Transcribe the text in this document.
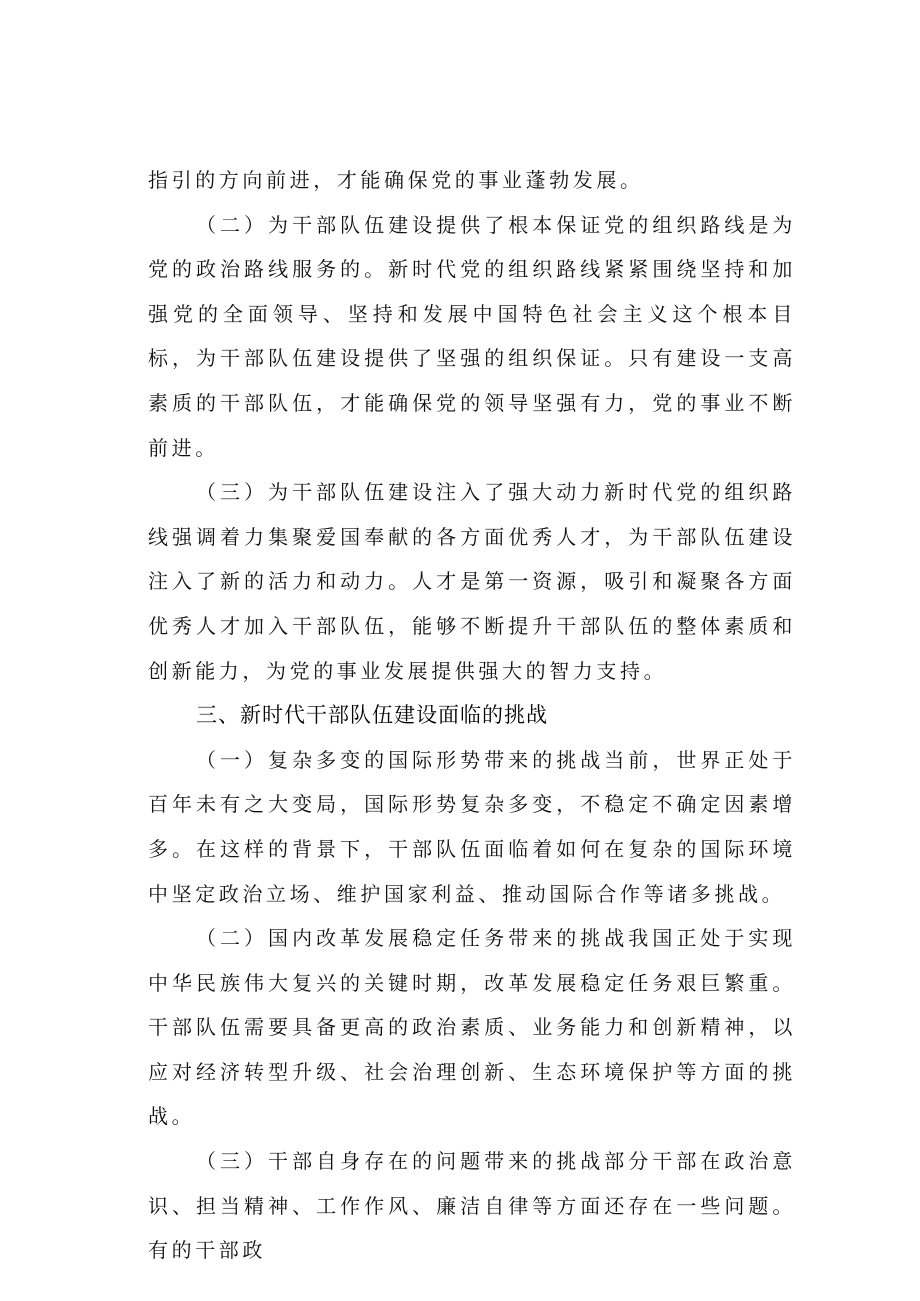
指引的方向前进，才能确保党的事业蓬勃发展。

（二）为干部队伍建设提供了根本保证党的组织路线是为党的政治路线服务的。新时代党的组织路线紧紧围绕坚持和加强党的全面领导、坚持和发展中国特色社会主义这个根本目标，为干部队伍建设提供了坚强的组织保证。只有建设一支高素质的干部队伍，才能确保党的领导坚强有力，党的事业不断前进。

（三）为干部队伍建设注入了强大动力新时代党的组织路线强调着力集聚爱国奉献的各方面优秀人才，为干部队伍建设注入了新的活力和动力。人才是第一资源，吸引和凝聚各方面优秀人才加入干部队伍，能够不断提升干部队伍的整体素质和创新能力，为党的事业发展提供强大的智力支持。

三、新时代干部队伍建设面临的挑战

（一）复杂多变的国际形势带来的挑战当前，世界正处于百年未有之大变局，国际形势复杂多变，不稳定不确定因素增多。在这样的背景下，干部队伍面临着如何在复杂的国际环境中坚定政治立场、维护国家利益、推动国际合作等诸多挑战。

（二）国内改革发展稳定任务带来的挑战我国正处于实现中华民族伟大复兴的关键时期，改革发展稳定任务艰巨繁重。干部队伍需要具备更高的政治素质、业务能力和创新精神，以应对经济转型升级、社会治理创新、生态环境保护等方面的挑战。

（三）干部自身存在的问题带来的挑战部分干部在政治意识、担当精神、工作作风、廉洁自律等方面还存在一些问题。有的干部政
